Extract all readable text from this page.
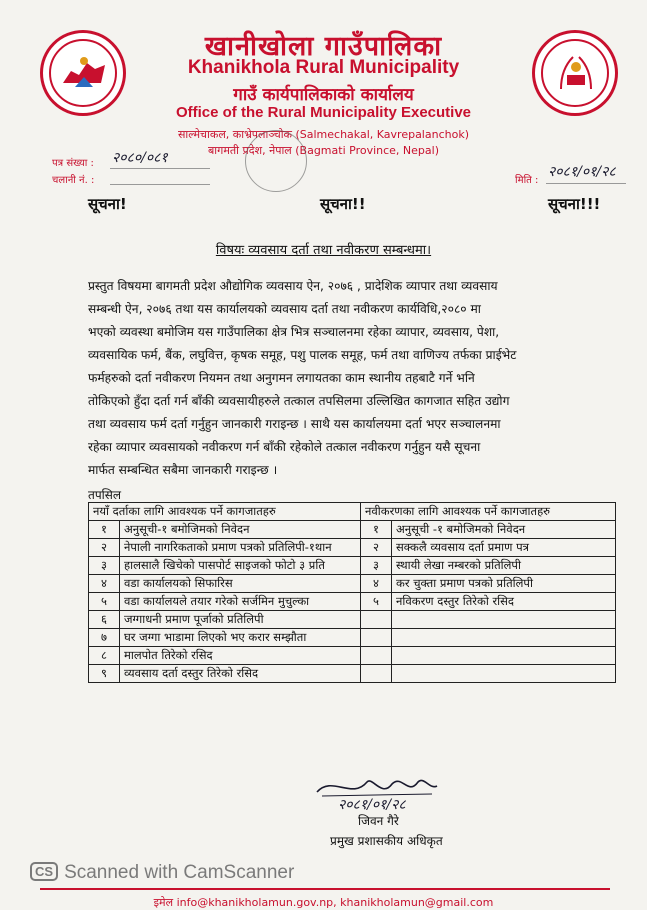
खानीखोला गाउँपालिका
Khanikhola Rural Municipality
गाउँ कार्यपालिकाको कार्यालय
Office of the Rural Municipality Executive
साल्मेचाकल, काभ्रेपलाञ्चोक (Salmechakal, Kavrepalanchok)
बागमती प्रदेश, नेपाल (Bagmati Province, Nepal)
पत्र संख्या : २०८०/०८१
चलानी नं. :	मिति :
२०८१/०१/२८
सूचना!	सूचना!!	सूचना!!!
विषयः व्यवसाय दर्ता तथा नवीकरण सम्बन्धमा।
प्रस्तुत विषयमा बागमती प्रदेश औद्योगिक व्यवसाय ऐन, २०७६ , प्रादेशिक व्यापार तथा व्यवसाय
सम्बन्धी ऐन, २०७६ तथा यस कार्यालयको व्यवसाय दर्ता तथा नवीकरण कार्यविधि,२०८० मा
भएको व्यवस्था बमोजिम यस गाउँपालिका क्षेत्र भित्र सञ्चालनमा रहेका व्यापार, व्यवसाय, पेशा,
व्यवसायिक फर्म, बैंक, लघुवित्त, कृषक समूह, पशु पालक समूह, फर्म तथा वाणिज्य तर्फका प्राईभेट
फर्महरुको दर्ता नवीकरण नियमन तथा अनुगमन लगायतका काम स्थानीय तहबाटै गर्ने भनि
तोकिएको हुँदा दर्ता गर्न बाँकी व्यवसायीहरुले तत्काल तपसिलमा उल्लिखित कागजात सहित उद्योग
तथा व्यवसाय फर्म दर्ता गर्नुहुन जानकारी गराइन्छ । साथै यस कार्यालयमा दर्ता भएर सञ्चालनमा
रहेका व्यापार व्यवसायको नवीकरण गर्न बाँकी रहेकोले तत्काल नवीकरण गर्नुहुन यसै सूचना
मार्फत सम्बन्धित सबैमा जानकारी गराइन्छ ।
तपसिल
नयाँ दर्ताका लागि आवश्यक पर्ने कागजातहरु		नवीकरणका लागि आवश्यक पर्ने कागजातहरु	
१	अनुसूची-१ बमोजिमको निवेदन	१	अनुसूची -१ बमोजिमको निवेदन
२	नेपाली नागरिकताको प्रमाण पत्रको प्रतिलिपी-१थान	२	सक्कलै व्यवसाय दर्ता प्रमाण पत्र
३	हालसालै खिचेको पासपोर्ट साइजको फोटो ३ प्रति	३	स्थायी लेखा नम्बरको प्रतिलिपी
४	वडा कार्यालयको सिफारिस	४	कर चुक्ता प्रमाण पत्रको प्रतिलिपी
५	वडा कार्यालयले तयार गरेको सर्जमिन मुचुल्का	५	नविकरण दस्तुर तिरेको रसिद
६	जग्गाधनी प्रमाण पूर्जाको प्रतिलिपी		
७	घर जग्गा भाडामा लिएको भए करार सम्झौता		
८	मालपोत तिरेको रसिद		
९	व्यवसाय दर्ता दस्तुर तिरेको रसिद		
२०८१/०१/२८
जिवन गैरे
प्रमुख प्रशासकीय अधिकृत
CS Scanned with CamScanner
इमेल info@khanikholamun.gov.np, khanikholamun@gmail.com
